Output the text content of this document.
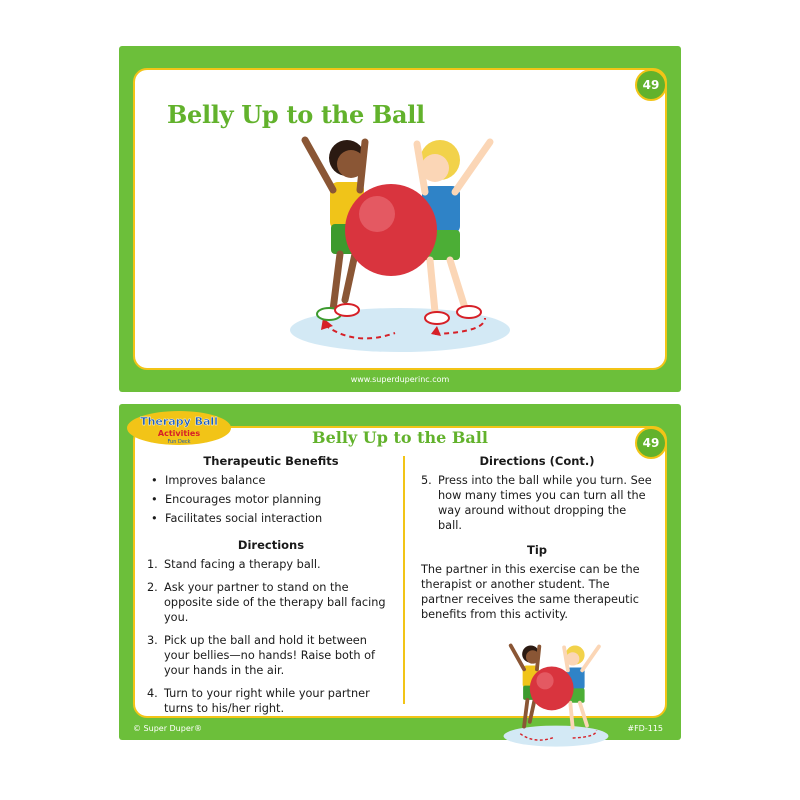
Belly Up to the Ball
49
www.superduperinc.com
Belly Up to the Ball	49

Therapeutic Benefits

• Improves balance
• Encourages motor planning
• Facilitates social interaction

Directions

1. Stand facing a therapy ball.
2. Ask your partner to stand on the opposite side of the therapy ball facing you.
3. Pick up the ball and hold it between your bellies—no hands! Raise both of your hands in the air.
4. Turn to your right while your partner turns to his/her right.

Directions (Cont.)

5. Press into the ball while you turn. See how many times you can turn all the way around without dropping the ball.

Tip

The partner in this exercise can be the therapist or another student. The partner receives the same therapeutic benefits from this activity.

Therapy Ball
Activities
Fun Deck
© Super Duper®	#FD-115
